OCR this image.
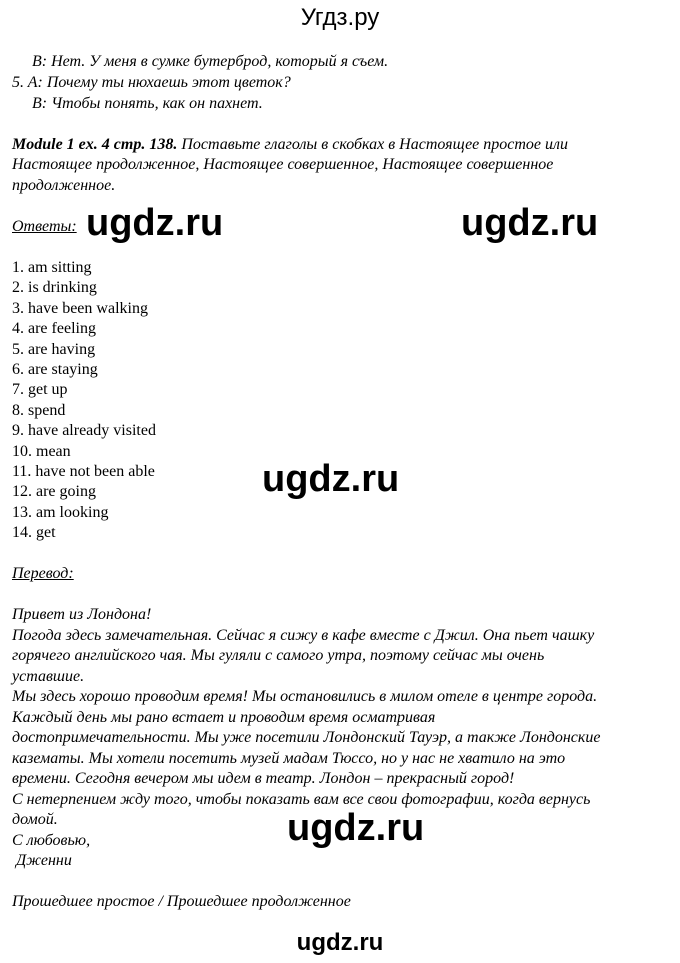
Угдз.ру
B: Нет. У меня в сумке бутерброд, который я съем.
5. A: Почему ты нюхаешь этот цветок?
B: Чтобы понять, как он пахнет.
Module 1 ex. 4 стр. 138. Поставьте глаголы в скобках в Настоящее простое или
Настоящее продолженное, Настоящее совершенное, Настоящее совершенное
продолженное.
Ответы: ugdz.ru	ugdz.ru
ugdz.ru
ugdz.ru
1. am sitting
2. is drinking
3. have been walking
4. are feeling
5. are having
6. are staying
7. get up
8. spend
9. have already visited
10. mean
11. have not been able
12. are going
13. am looking
14. get
Перевод:
Привет из Лондона!
Погода здесь замечательная. Сейчас я сижу в кафе вместе с Джил. Она пьет чашку
горячего английского чая. Мы гуляли с самого утра, поэтому сейчас мы очень
уставшие.
Мы здесь хорошо проводим время! Мы остановились в милом отеле в центре города.
Каждый день мы рано встает и проводим время осматривая
достопримечательности. Мы уже посетили Лондонский Тауэр, а также Лондонские
казематы. Мы хотели посетить музей мадам Тюссо, но у нас не хватило на это
времени. Сегодня вечером мы идем в театр. Лондон – прекрасный город!
С нетерпением жду того, чтобы показать вам все свои фотографии, когда вернусь
домой.
С любовью,
Дженни
Прошедшее простое / Прошедшее продолженное
ugdz.ru
